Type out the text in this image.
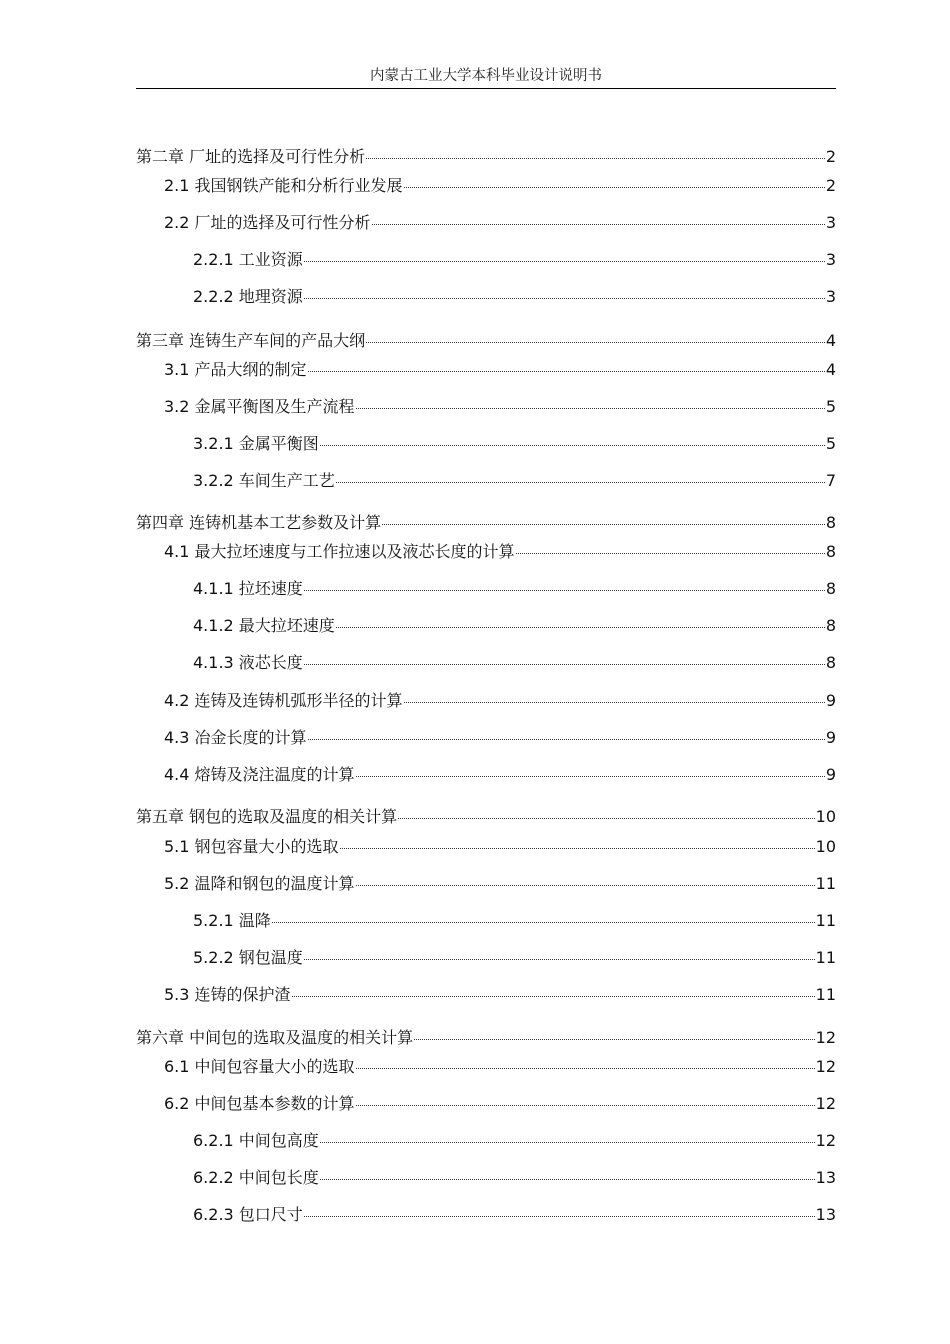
内蒙古工业大学本科毕业设计说明书
第二章 厂址的选择及可行性分析	2
2.1 我国钢铁产能和分析行业发展	2
2.2 厂址的选择及可行性分析	3
2.2.1 工业资源	3
2.2.2 地理资源	3
第三章 连铸生产车间的产品大纲	4
3.1 产品大纲的制定	4
3.2 金属平衡图及生产流程	5
3.2.1 金属平衡图	5
3.2.2 车间生产工艺	7
第四章 连铸机基本工艺参数及计算	8
4.1 最大拉坯速度与工作拉速以及液芯长度的计算	8
4.1.1 拉坯速度	8
4.1.2 最大拉坯速度	8
4.1.3 液芯长度	8
4.2 连铸及连铸机弧形半径的计算	9
4.3 冶金长度的计算	9
4.4 熔铸及浇注温度的计算	9
第五章 钢包的选取及温度的相关计算	10
5.1 钢包容量大小的选取	10
5.2 温降和钢包的温度计算	11
5.2.1 温降	11
5.2.2 钢包温度	11
5.3 连铸的保护渣	11
第六章 中间包的选取及温度的相关计算	12
6.1 中间包容量大小的选取	12
6.2 中间包基本参数的计算	12
6.2.1 中间包高度	12
6.2.2 中间包长度	13
6.2.3 包口尺寸	13
